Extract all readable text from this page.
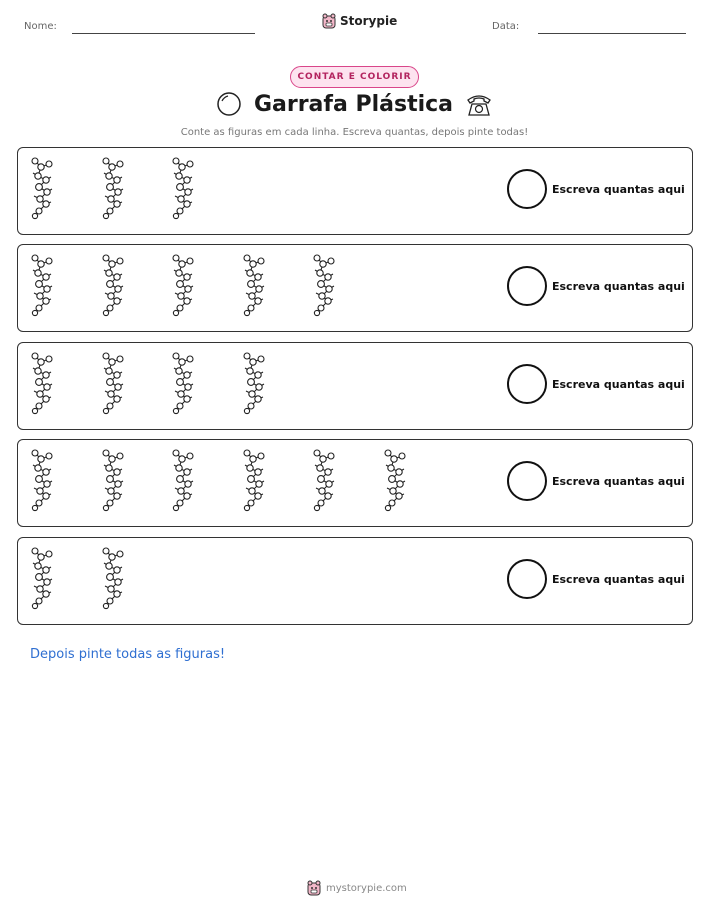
Nome:	Storypie	Data:
CONTAR E COLORIR
Garrafa Plástica
Conte as figuras em cada linha. Escreva quantas, depois pinte todas!
Escreva quantas aqui
Escreva quantas aqui
Escreva quantas aqui
Escreva quantas aqui
Escreva quantas aqui
Depois pinte todas as figuras!
mystorypie.com
